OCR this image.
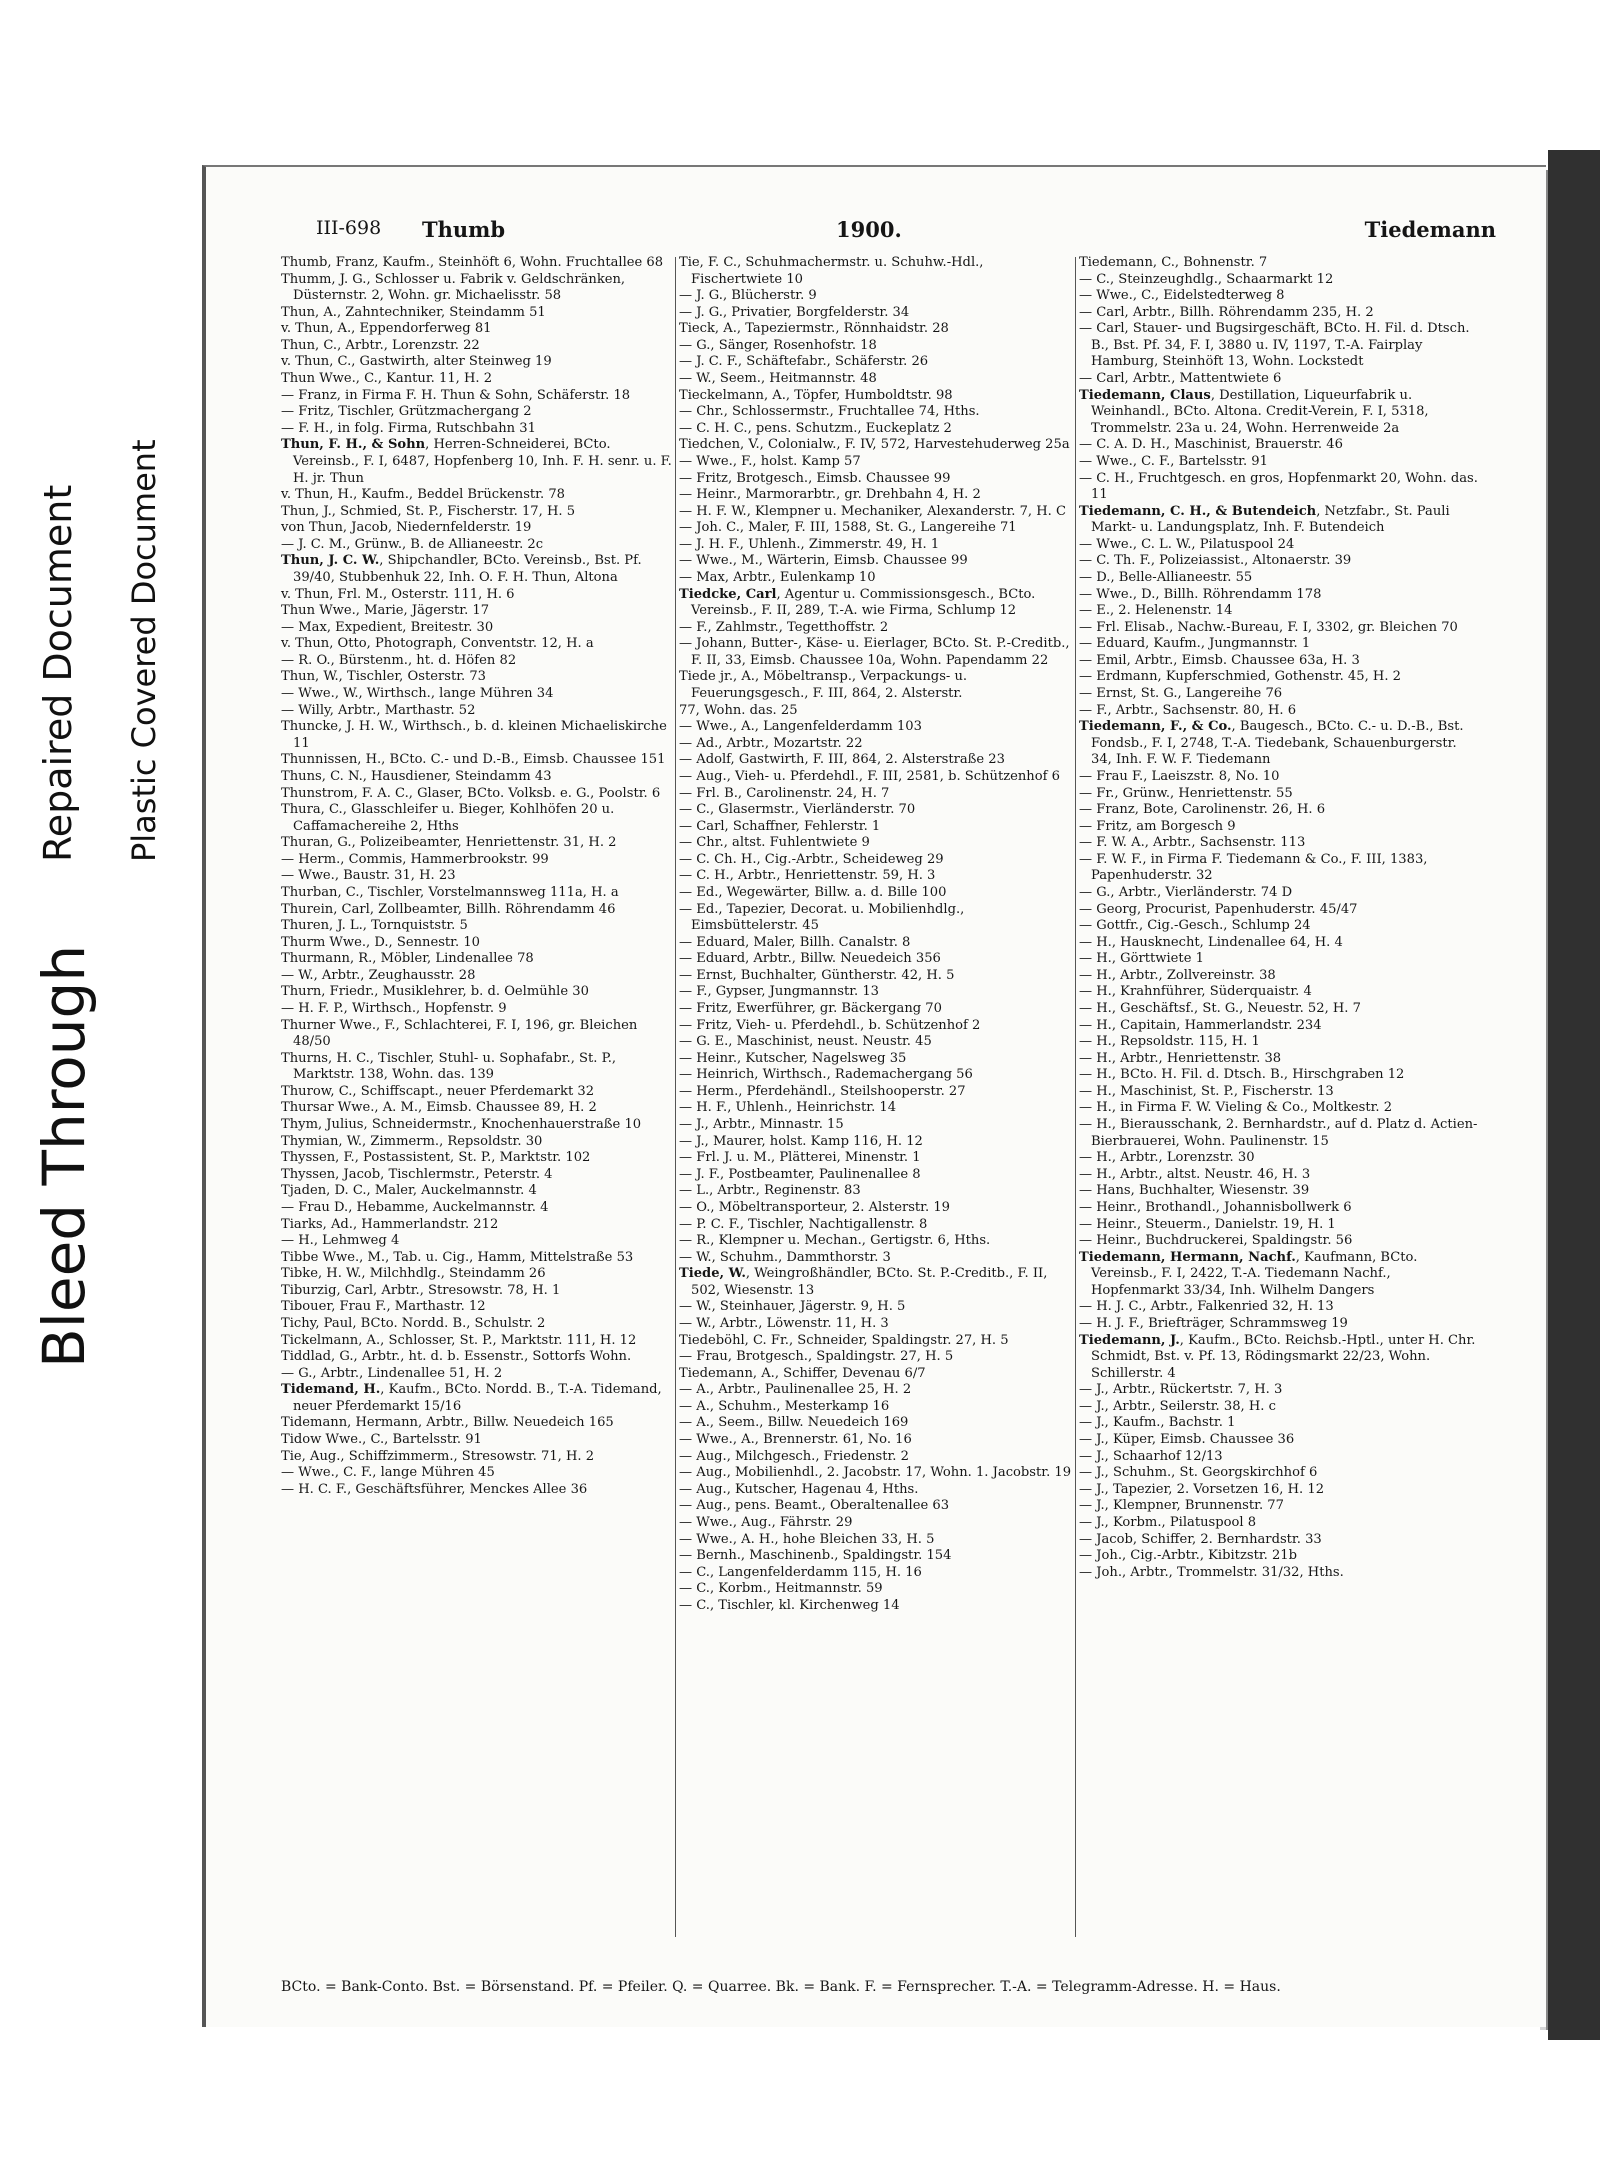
Bleed Through

Repaired Document Plastic Covered Document

III-698 Thumb	1900.	Tiedemann

Thumb, Franz, Kaufm., Steinhöft 6, Wohn. Fruchtallee 68

Thumm, J. G., Schlosser u. Fabrik v. Geldschränken, Düsternstr. 2, Wohn. gr. Michaelisstr. 58

Thun, A., Zahntechniker, Steindamm 51

v. Thun, A., Eppendorferweg 81

Thun, C., Arbtr., Lorenzstr. 22

v. Thun, C., Gastwirth, alter Steinweg 19

Thun Wwe., C., Kantur. 11, H. 2

— Franz, in Firma F. H. Thun & Sohn, Schäferstr. 18

— Fritz, Tischler, Grützmachergang 2

— F. H., in folg. Firma, Rutschbahn 31

Thun, F. H., & Sohn, Herren-Schneiderei, BCto. Vereinsb., F. I, 6487, Hopfenberg 10, Inh. F. H. senr. u. F. H. jr. Thun

v. Thun, H., Kaufm., Beddel Brückenstr. 78

Thun, J., Schmied, St. P., Fischerstr. 17, H. 5

von Thun, Jacob, Niedernfelderstr. 19

— J. C. M., Grünw., B. de Allianeestr. 2c

Thun, J. C. W., Shipchandler, BCto. Vereinsb., Bst. Pf. 39/40, Stubbenhuk 22, Inh. O. F. H. Thun, Altona

v. Thun, Frl. M., Osterstr. 111, H. 6

Thun Wwe., Marie, Jägerstr. 17

— Max, Expedient, Breitestr. 30

v. Thun, Otto, Photograph, Conventstr. 12, H. a

— R. O., Bürstenm., ht. d. Höfen 82

Thun, W., Tischler, Osterstr. 73

— Wwe., W., Wirthsch., lange Mühren 34

— Willy, Arbtr., Marthastr. 52

Thuncke, J. H. W., Wirthsch., b. d. kleinen Michaeliskirche 11

Thunnissen, H., BCto. C.- und D.-B., Eimsb. Chaussee 151

Thuns, C. N., Hausdiener, Steindamm 43

Thunstrom, F. A. C., Glaser, BCto. Volksb. e. G., Poolstr. 6

Thura, C., Glasschleifer u. Bieger, Kohlhöfen 20 u. Caffamachereihe 2, Hths

Thuran, G., Polizeibeamter, Henriettenstr. 31, H. 2

— Herm., Commis, Hammerbrookstr. 99

— Wwe., Baustr. 31, H. 23

Thurban, C., Tischler, Vorstelmannsweg 111a, H. a

Thurein, Carl, Zollbeamter, Billh. Röhrendamm 46

Thuren, J. L., Tornquiststr. 5

Thurm Wwe., D., Sennestr. 10

Thurmann, R., Möbler, Lindenallee 78

— W., Arbtr., Zeughausstr. 28

Thurn, Friedr., Musiklehrer, b. d. Oelmühle 30

— H. F. P., Wirthsch., Hopfenstr. 9

Thurner Wwe., F., Schlachterei, F. I, 196, gr. Bleichen 48/50

Thurns, H. C., Tischler, Stuhl- u. Sophafabr., St. P., Marktstr. 138, Wohn. das. 139

Thurow, C., Schiffscapt., neuer Pferdemarkt 32

Thursar Wwe., A. M., Eimsb. Chaussee 89, H. 2

Thym, Julius, Schneidermstr., Knochenhauerstraße 10

Thymian, W., Zimmerm., Repsoldstr. 30

Thyssen, F., Postassistent, St. P., Marktstr. 102

Thyssen, Jacob, Tischlermstr., Peterstr. 4

Tjaden, D. C., Maler, Auckelmannstr. 4

— Frau D., Hebamme, Auckelmannstr. 4

Tiarks, Ad., Hammerlandstr. 212

— H., Lehmweg 4

Tibbe Wwe., M., Tab. u. Cig., Hamm, Mittelstraße 53

Tibke, H. W., Milchhdlg., Steindamm 26

Tiburzig, Carl, Arbtr., Stresowstr. 78, H. 1

Tibouer, Frau F., Marthastr. 12

Tichy, Paul, BCto. Nordd. B., Schulstr. 2

Tickelmann, A., Schlosser, St. P., Marktstr. 111, H. 12

Tiddlad, G., Arbtr., ht. d. b. Essenstr., Sottorfs Wohn.

— G., Arbtr., Lindenallee 51, H. 2

Tidemand, H., Kaufm., BCto. Nordd. B., T.-A. Tidemand, neuer Pferdemarkt 15/16

Tidemann, Hermann, Arbtr., Billw. Neuedeich 165

Tidow Wwe., C., Bartelsstr. 91

Tie, Aug., Schiffzimmerm., Stresowstr. 71, H. 2

— Wwe., C. F., lange Mühren 45

— H. C. F., Geschäftsführer, Menckes Allee 36

Tie, F. C., Schuhmachermstr. u. Schuhw.-Hdl., Fischertwiete 10

— J. G., Blücherstr. 9

— J. G., Privatier, Borgfelderstr. 34

Tieck, A., Tapeziermstr., Rönnhaidstr. 28

— G., Sänger, Rosenhofstr. 18

— J. C. F., Schäftefabr., Schäferstr. 26

— W., Seem., Heitmannstr. 48

Tieckelmann, A., Töpfer, Humboldtstr. 98

— Chr., Schlossermstr., Fruchtallee 74, Hths.

— C. H. C., pens. Schutzm., Euckeplatz 2

Tiedchen, V., Colonialw., F. IV, 572, Harvestehuderweg 25a

— Wwe., F., holst. Kamp 57

— Fritz, Brotgesch., Eimsb. Chaussee 99

— Heinr., Marmorarbtr., gr. Drehbahn 4, H. 2

— H. F. W., Klempner u. Mechaniker, Alexanderstr. 7, H. C

— Joh. C., Maler, F. III, 1588, St. G., Langereihe 71

— J. H. F., Uhlenh., Zimmerstr. 49, H. 1

— Wwe., M., Wärterin, Eimsb. Chaussee 99

— Max, Arbtr., Eulenkamp 10

Tiedcke, Carl, Agentur u. Commissionsgesch., BCto. Vereinsb., F. II, 289, T.-A. wie Firma, Schlump 12

— F., Zahlmstr., Tegetthoffstr. 2

— Johann, Butter-, Käse- u. Eierlager, BCto. St. P.-Creditb., F. II, 33, Eimsb. Chaussee 10a, Wohn. Papendamm 22

Tiede jr., A., Möbeltransp., Verpackungs- u. Feuerungsgesch., F. III, 864, 2. Alsterstr.

77, Wohn. das. 25

— Wwe., A., Langenfelderdamm 103

— Ad., Arbtr., Mozartstr. 22

— Adolf, Gastwirth, F. III, 864, 2. Alsterstraße 23

— Aug., Vieh- u. Pferdehdl., F. III, 2581, b. Schützenhof 6

— Frl. B., Carolinenstr. 24, H. 7

— C., Glasermstr., Vierländerstr. 70

— Carl, Schaffner, Fehlerstr. 1

— Chr., altst. Fuhlentwiete 9

— C. Ch. H., Cig.-Arbtr., Scheideweg 29

— C. H., Arbtr., Henriettenstr. 59, H. 3

— Ed., Wegewärter, Billw. a. d. Bille 100

— Ed., Tapezier, Decorat. u. Mobilienhdlg., Eimsbüttelerstr. 45

— Eduard, Maler, Billh. Canalstr. 8

— Eduard, Arbtr., Billw. Neuedeich 356

— Ernst, Buchhalter, Güntherstr. 42, H. 5

— F., Gypser, Jungmannstr. 13

— Fritz, Ewerführer, gr. Bäckergang 70

— Fritz, Vieh- u. Pferdehdl., b. Schützenhof 2

— G. E., Maschinist, neust. Neustr. 45

— Heinr., Kutscher, Nagelsweg 35

— Heinrich, Wirthsch., Rademachergang 56

— Herm., Pferdehändl., Steilshooperstr. 27

— H. F., Uhlenh., Heinrichstr. 14

— J., Arbtr., Minnastr. 15

— J., Maurer, holst. Kamp 116, H. 12

— Frl. J. u. M., Plätterei, Minenstr. 1

— J. F., Postbeamter, Paulinenallee 8

— L., Arbtr., Reginenstr. 83

— O., Möbeltransporteur, 2. Alsterstr. 19

— P. C. F., Tischler, Nachtigallenstr. 8

— R., Klempner u. Mechan., Gertigstr. 6, Hths.

— W., Schuhm., Dammthorstr. 3

Tiede, W., Weingroßhändler, BCto. St. P.-Creditb., F. II, 502, Wiesenstr. 13

— W., Steinhauer, Jägerstr. 9, H. 5

— W., Arbtr., Löwenstr. 11, H. 3

Tiedeböhl, C. Fr., Schneider, Spaldingstr. 27, H. 5

— Frau, Brotgesch., Spaldingstr. 27, H. 5

Tiedemann, A., Schiffer, Devenau 6/7

— A., Arbtr., Paulinenallee 25, H. 2

— A., Schuhm., Mesterkamp 16

— A., Seem., Billw. Neuedeich 169

— Wwe., A., Brennerstr. 61, No. 16

— Aug., Milchgesch., Friedenstr. 2

— Aug., Mobilienhdl., 2. Jacobstr. 17, Wohn. 1. Jacobstr. 19

— Aug., Kutscher, Hagenau 4, Hths.

— Aug., pens. Beamt., Oberaltenallee 63

— Wwe., Aug., Fährstr. 29

— Wwe., A. H., hohe Bleichen 33, H. 5

— Bernh., Maschinenb., Spaldingstr. 154

— C., Langenfelderdamm 115, H. 16

— C., Korbm., Heitmannstr. 59

— C., Tischler, kl. Kirchenweg 14

Tiedemann, C., Bohnenstr. 7

— C., Steinzeughdlg., Schaarmarkt 12

— Wwe., C., Eidelstedterweg 8

— Carl, Arbtr., Billh. Röhrendamm 235, H. 2

— Carl, Stauer- und Bugsirgeschäft, BCto. H. Fil. d. Dtsch. B., Bst. Pf. 34, F. I, 3880 u. IV, 1197, T.-A. Fairplay Hamburg, Steinhöft 13, Wohn. Lockstedt

— Carl, Arbtr., Mattentwiete 6

Tiedemann, Claus, Destillation, Liqueurfabrik u. Weinhandl., BCto. Altona. Credit-Verein, F. I, 5318, Trommelstr. 23a u. 24, Wohn. Herrenweide 2a

— C. A. D. H., Maschinist, Brauerstr. 46

— Wwe., C. F., Bartelsstr. 91

— C. H., Fruchtgesch. en gros, Hopfenmarkt 20, Wohn. das. 11

Tiedemann, C. H., & Butendeich, Netzfabr., St. Pauli Markt- u. Landungsplatz, Inh. F. Butendeich

— Wwe., C. L. W., Pilatuspool 24

— C. Th. F., Polizeiassist., Altonaerstr. 39

— D., Belle-Allianeestr. 55

— Wwe., D., Billh. Röhrendamm 178

— E., 2. Helenenstr. 14

— Frl. Elisab., Nachw.-Bureau, F. I, 3302, gr. Bleichen 70

— Eduard, Kaufm., Jungmannstr. 1

— Emil, Arbtr., Eimsb. Chaussee 63a, H. 3

— Erdmann, Kupferschmied, Gothenstr. 45, H. 2

— Ernst, St. G., Langereihe 76

— F., Arbtr., Sachsenstr. 80, H. 6

Tiedemann, F., & Co., Baugesch., BCto. C.- u. D.-B., Bst. Fondsb., F. I, 2748, T.-A. Tiedebank, Schauenburgerstr. 34, Inh. F. W. F. Tiedemann

— Frau F., Laeiszstr. 8, No. 10

— Fr., Grünw., Henriettenstr. 55

— Franz, Bote, Carolinenstr. 26, H. 6

— Fritz, am Borgesch 9

— F. W. A., Arbtr., Sachsenstr. 113

— F. W. F., in Firma F. Tiedemann & Co., F. III, 1383, Papenhuderstr. 32

— G., Arbtr., Vierländerstr. 74 D

— Georg, Procurist, Papenhuderstr. 45/47

— Gottfr., Cig.-Gesch., Schlump 24

— H., Hausknecht, Lindenallee 64, H. 4

— H., Görttwiete 1

— H., Arbtr., Zollvereinstr. 38

— H., Krahnführer, Süderquaistr. 4

— H., Geschäftsf., St. G., Neuestr. 52, H. 7

— H., Capitain, Hammerlandstr. 234

— H., Repsoldstr. 115, H. 1

— H., Arbtr., Henriettenstr. 38

— H., BCto. H. Fil. d. Dtsch. B., Hirschgraben 12

— H., Maschinist, St. P., Fischerstr. 13

— H., in Firma F. W. Vieling & Co., Moltkestr. 2

— H., Bierausschank, 2. Bernhardstr., auf d. Platz d. Actien-Bierbrauerei, Wohn. Paulinenstr. 15

— H., Arbtr., Lorenzstr. 30

— H., Arbtr., altst. Neustr. 46, H. 3

— Hans, Buchhalter, Wiesenstr. 39

— Heinr., Brothandl., Johannisbollwerk 6

— Heinr., Steuerm., Danielstr. 19, H. 1

— Heinr., Buchdruckerei, Spaldingstr. 56

Tiedemann, Hermann, Nachf., Kaufmann, BCto. Vereinsb., F. I, 2422, T.-A. Tiedemann Nachf., Hopfenmarkt 33/34, Inh. Wilhelm Dangers

— H. J. C., Arbtr., Falkenried 32, H. 13

— H. J. F., Briefträger, Schrammsweg 19

Tiedemann, J., Kaufm., BCto. Reichsb.-Hptl., unter H. Chr. Schmidt, Bst. v. Pf. 13, Rödingsmarkt 22/23, Wohn. Schillerstr. 4

— J., Arbtr., Rückertstr. 7, H. 3

— J., Arbtr., Seilerstr. 38, H. c

— J., Kaufm., Bachstr. 1

— J., Küper, Eimsb. Chaussee 36

— J., Schaarhof 12/13

— J., Schuhm., St. Georgskirchhof 6

— J., Tapezier, 2. Vorsetzen 16, H. 12

— J., Klempner, Brunnenstr. 77

— J., Korbm., Pilatuspool 8

— Jacob, Schiffer, 2. Bernhardstr. 33

— Joh., Cig.-Arbtr., Kibitzstr. 21b

— Joh., Arbtr., Trommelstr. 31/32, Hths.

BCto. = Bank-Conto. Bst. = Börsenstand. Pf. = Pfeiler. Q. = Quarree. Bk. = Bank. F. = Fernsprecher. T.-A. = Telegramm-Adresse. H. = Haus.
